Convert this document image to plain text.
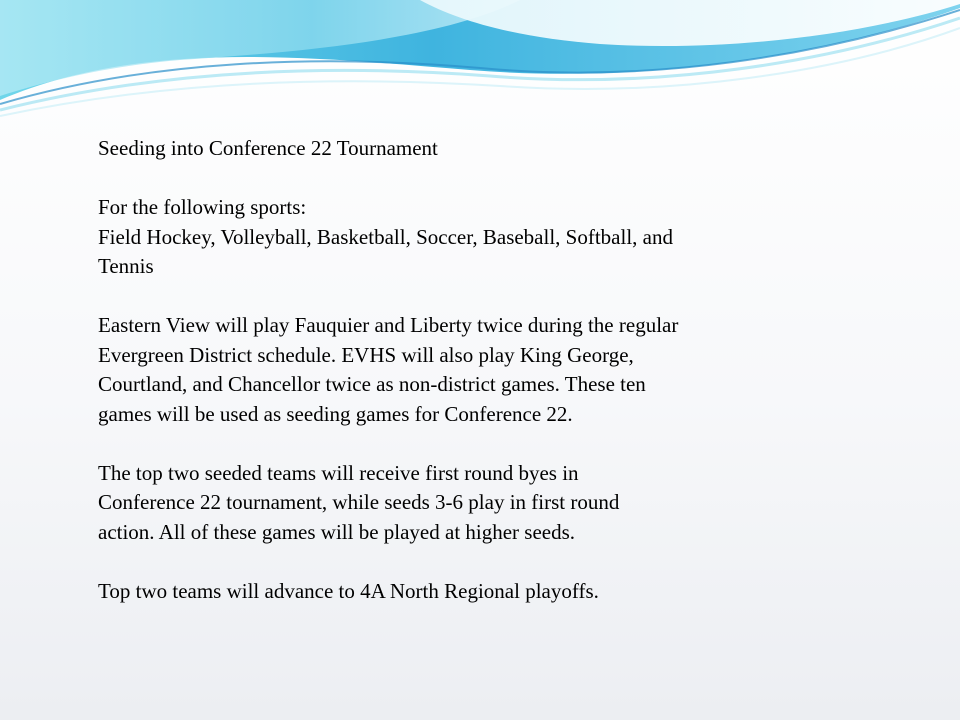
Seeding into Conference 22 Tournament

For the following sports:
Field Hockey, Volleyball, Basketball, Soccer, Baseball, Softball, and
Tennis

Eastern View will play Fauquier and Liberty twice during the regular
Evergreen District schedule. EVHS will also play King George,
Courtland, and Chancellor twice as non-district games. These ten
games will be used as seeding games for Conference 22.

The top two seeded teams will receive first round byes in
Conference 22 tournament, while seeds 3-6 play in first round
action. All of these games will be played at higher seeds.

Top two teams will advance to 4A North Regional playoffs.
